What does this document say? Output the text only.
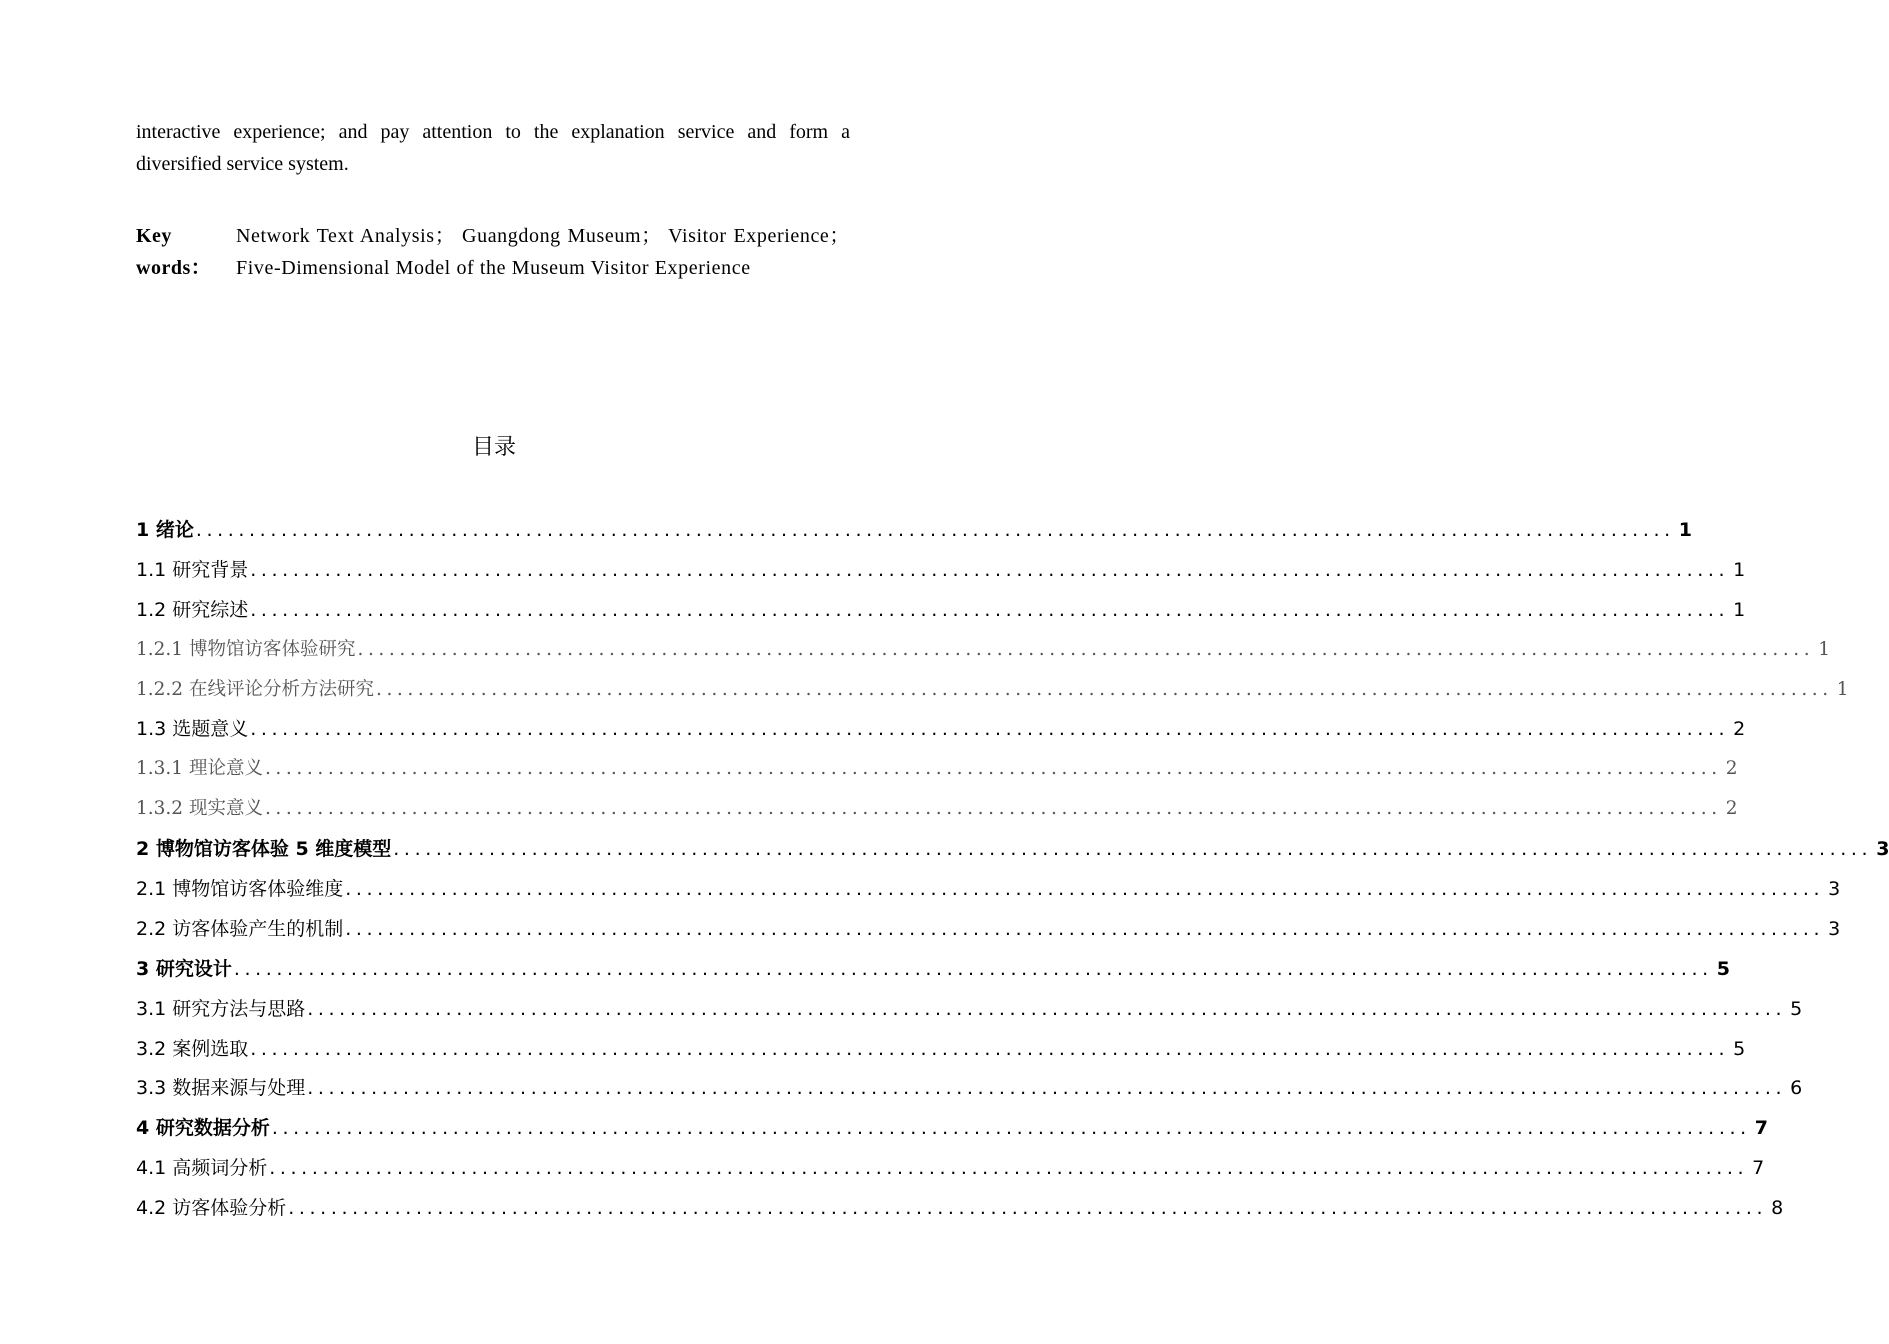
interactive experience; and pay attention to the explanation service and form a diversified service system.

Key words：
Network Text Analysis； Guangdong Museum； Visitor Experience；Five-Dimensional Model of the Museum Visitor Experience
目录
1 绪论 ........................................................................................................................................... 1
1.1 研究背景 ........................................................................................................................................... 1
1.2 研究综述 ........................................................................................................................................... 1
1.2.1 博物馆访客体验研究 ........................................................................................................................................... 1
1.2.2 在线评论分析方法研究 ........................................................................................................................................... 1
1.3 选题意义 ........................................................................................................................................... 2
1.3.1 理论意义 ........................................................................................................................................... 2
1.3.2 现实意义 ........................................................................................................................................... 2
2 博物馆访客体验 5 维度模型 ........................................................................................................................................... 3
2.1 博物馆访客体验维度 ........................................................................................................................................... 3
2.2 访客体验产生的机制 ........................................................................................................................................... 3
3 研究设计 ........................................................................................................................................... 5
3.1 研究方法与思路 ........................................................................................................................................... 5
3.2 案例选取 ........................................................................................................................................... 5
3.3 数据来源与处理 ........................................................................................................................................... 6
4 研究数据分析 ........................................................................................................................................... 7
4.1 高频词分析 ........................................................................................................................................... 7
4.2 访客体验分析 ........................................................................................................................................... 8
